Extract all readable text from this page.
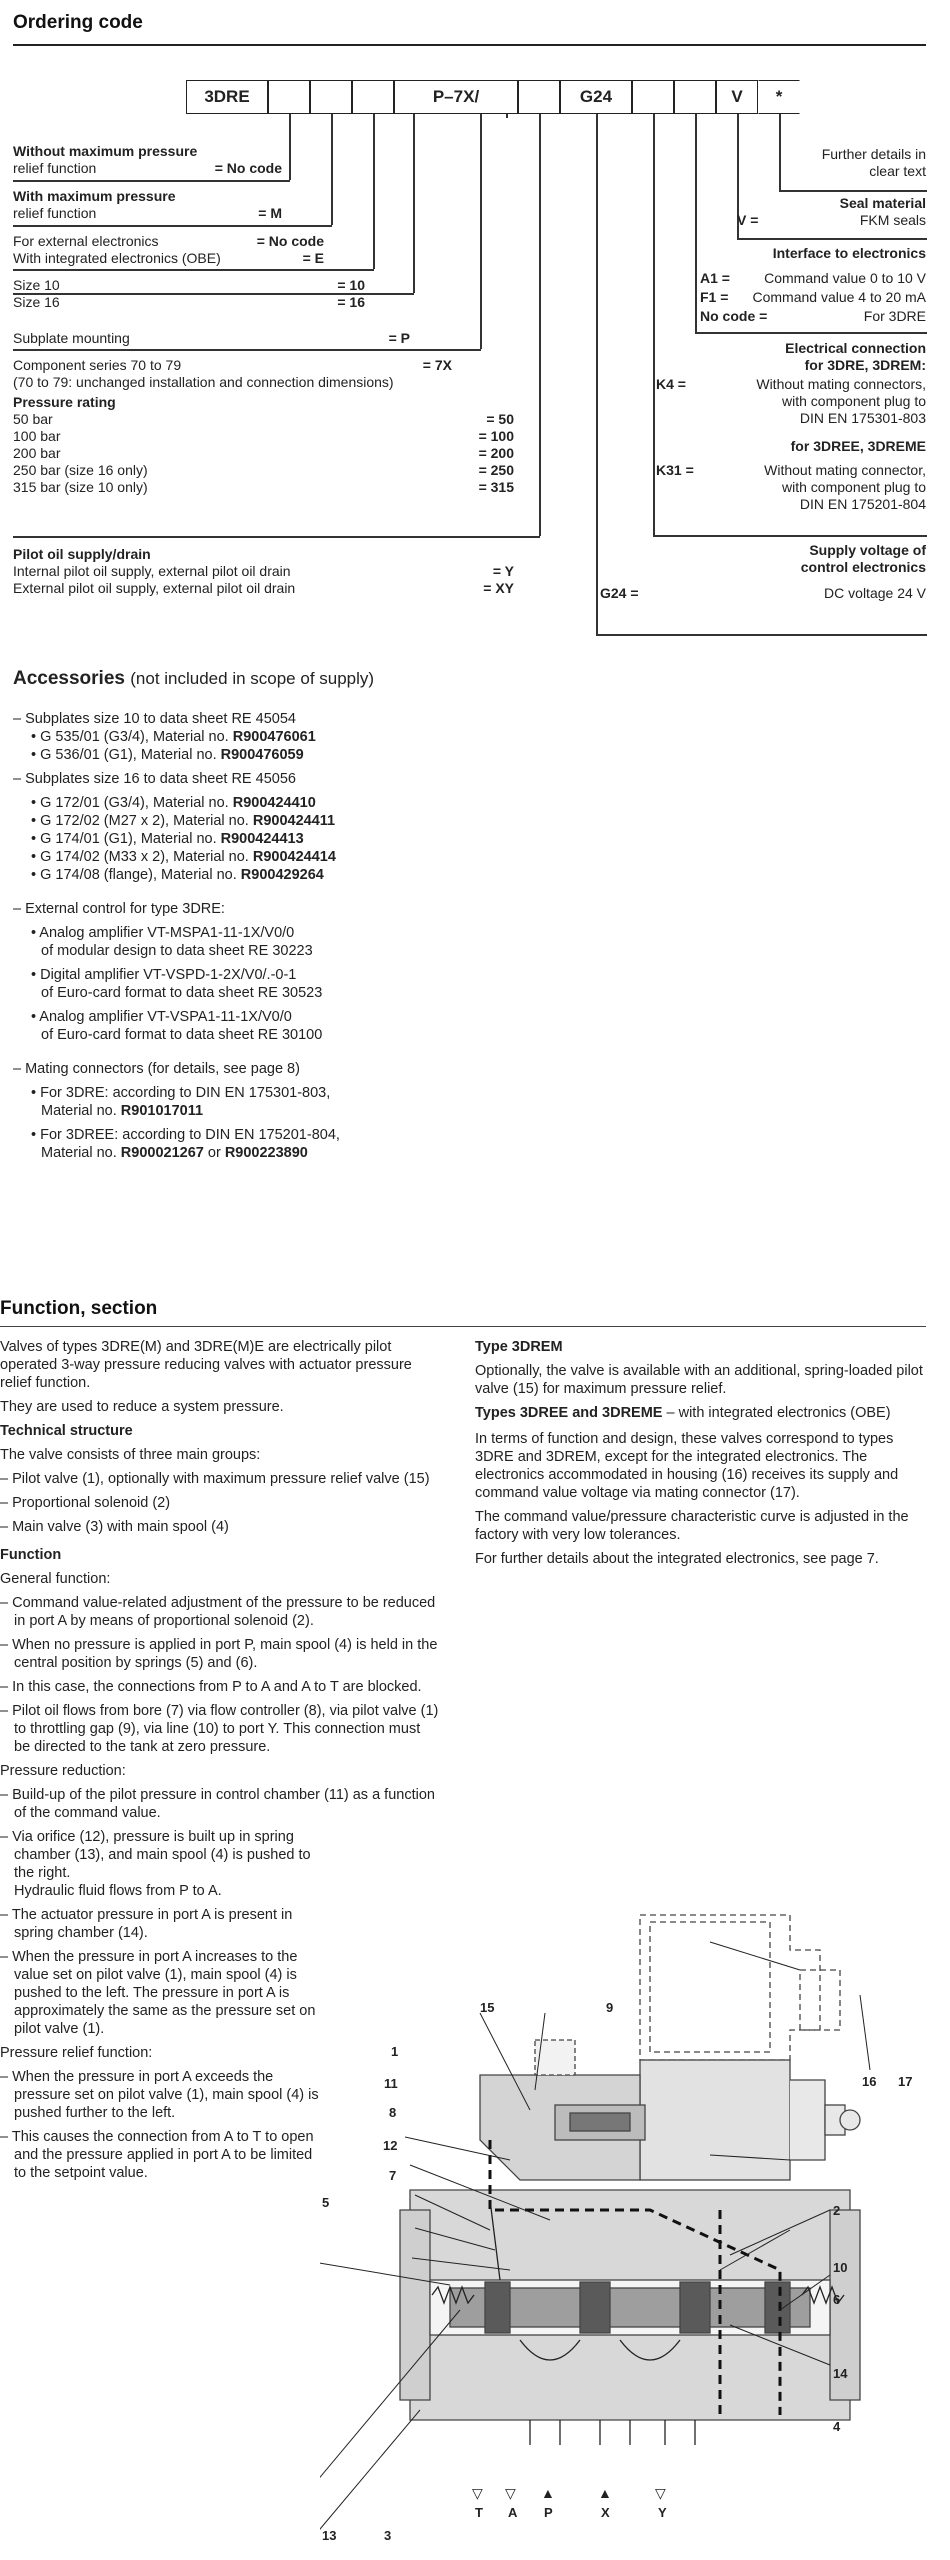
Ordering code
3DRE	P–7X/	G24	V	*
Without maximum pressure
relief function	= No code
With maximum pressure
relief function	= M
For external electronics	= No code
With integrated electronics (OBE)	= E
Size 10	= 10
Size 16	= 16
Subplate mounting	= P
Component series 70 to 79
(70 to 79: unchanged installation and connection dimensions)
= 7X
Pressure rating
50 bar	= 50
100 bar	= 100
200 bar	= 200
250 bar (size 16 only)	= 250
315 bar (size 10 only)	= 315
Pilot oil supply/drain
Internal pilot oil supply, external pilot oil drain	= Y
External pilot oil supply, external pilot oil drain	= XY
Further details in
clear text
Seal material
V =	FKM seals
Interface to electronics
A1 = Command value 0 to 10 V
F1 = Command value 4 to 20 mA
No code =	For 3DRE
Electrical connection
for 3DRE, 3DREM:
K4 =	Without mating connectors,
with component plug to
DIN EN 175301-803
for 3DREE, 3DREME
K31 =	Without mating connector,
with component plug to
DIN EN 175201-804
Supply voltage of
control electronics
G24 =	DC voltage 24 V
Accessories (not included in scope of supply)

– Subplates size 10 to data sheet RE 45054

• G 535/01 (G3/4), Material no. R900476061

• G 536/01 (G1), Material no. R900476059

– Subplates size 16 to data sheet RE 45056

• G 172/01 (G3/4), Material no. R900424410

• G 172/02 (M27 x 2), Material no. R900424411

• G 174/01 (G1), Material no. R900424413

• G 174/02 (M33 x 2), Material no. R900424414

• G 174/08 (flange), Material no. R900429264

– External control for type 3DRE:

• Analog amplifier VT-MSPA1-11-1X/V0/0

of modular design to data sheet RE 30223

• Digital amplifier VT-VSPD-1-2X/V0/.-0-1

of Euro-card format to data sheet RE 30523

• Analog amplifier VT-VSPA1-11-1X/V0/0

of Euro-card format to data sheet RE 30100

– Mating connectors (for details, see page 8)

• For 3DRE: according to DIN EN 175301-803,

Material no. R901017011

• For 3DREE: according to DIN EN 175201-804,

Material no. R900021267 or R900223890

Function, section

Valves of types 3DRE(M) and 3DRE(M)E are electrically pilot operated 3-way pressure reducing valves with actuator pressure relief function.

They are used to reduce a system pressure.

Technical structure

The valve consists of three main groups:

– Pilot valve (1), optionally with maximum pressure relief valve (15)

– Proportional solenoid (2)

– Main valve (3) with main spool (4)

Function

General function:

– Command value-related adjustment of the pressure to be reduced in port A by means of proportional solenoid (2).

– When no pressure is applied in port P, main spool (4) is held in the central position by springs (5) and (6).

– In this case, the connections from P to A and A to T are blocked.

– Pilot oil flows from bore (7) via flow controller (8), via pilot valve (1) to throttling gap (9), via line (10) to port Y. This connection must be directed to the tank at zero pressure.

Pressure reduction:

– Build-up of the pilot pressure in control chamber (11) as a function of the command value.

– Via orifice (12), pressure is built up in spring chamber (13), and main spool (4) is pushed to the right.

Hydraulic fluid flows from P to A.

– The actuator pressure in port A is present in spring chamber (14).

– When the pressure in port A increases to the value set on pilot valve (1), main spool (4) is pushed to the left. The pressure in port A is approximately the same as the pressure set on pilot valve (1).

Pressure relief function:

– When the pressure in port A exceeds the pressure set on pilot valve (1), main spool (4) is pushed further to the left.

– This causes the connection from A to T to open and the pressure applied in port A to be limited to the setpoint value.

Type 3DREM

Optionally, the valve is available with an additional, spring-loaded pilot valve (15) for maximum pressure relief.

Types 3DREE and 3DREME – with integrated electronics (OBE)

In terms of function and design, these valves correspond to types 3DRE and 3DREM, except for the integrated electronics. The electronics accommodated in housing (16) receives its supply and command value voltage via mating connector (17).

The command value/pressure characteristic curve is adjusted in the factory with very low tolerances.

For further details about the integrated electronics, see page 7.

15	9
1
11
8
12
7
5
16 17
2
10
6
14
4
13	3
▽
T
▽
A
▲
P
▲
X
▽
Y
